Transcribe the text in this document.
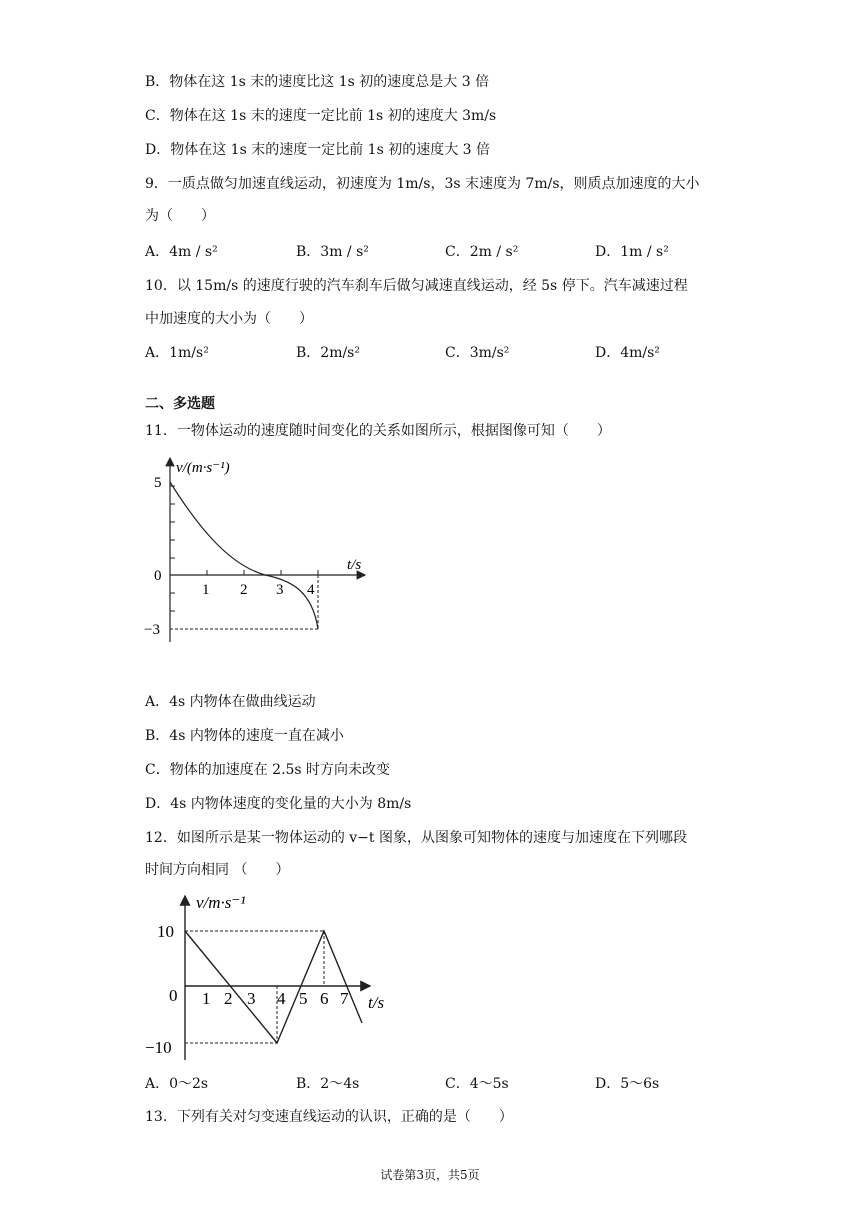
B．物体在这 1s 末的速度比这 1s 初的速度总是大 3 倍
C．物体在这 1s 末的速度一定比前 1s 初的速度大 3m/s
D．物体在这 1s 末的速度一定比前 1s 初的速度大 3 倍
9．一质点做匀加速直线运动，初速度为 1m/s，3s 末速度为 7m/s，则质点加速度的大小
为（　　）
A．4m / s²	B．3m / s²	C．2m / s²	D．1m / s²
10．以 15m/s 的速度行驶的汽车刹车后做匀减速直线运动，经 5s 停下。汽车减速过程
中加速度的大小为（　　）
A．1m/s²	B．2m/s²	C．3m/s²	D．4m/s²
二、多选题
11．一物体运动的速度随时间变化的关系如图所示，根据图像可知（　　）
v/(m·s⁻¹)
t/s
5
0
−3
1 2 3 4
A．4s 内物体在做曲线运动
B．4s 内物体的速度一直在减小
C．物体的加速度在 2.5s 时方向未改变
D．4s 内物体速度的变化量的大小为 8m/s
12．如图所示是某一物体运动的 v−t 图象，从图象可知物体的速度与加速度在下列哪段
时间方向相同 （　　）
v/m·s⁻¹
t/s
10
0
−10
1 2 3 4 5 6 7
A．0～2s	B．2～4s	C．4～5s	D．5～6s
13．下列有关对匀变速直线运动的认识，正确的是（　　）
试卷第3页，共5页
